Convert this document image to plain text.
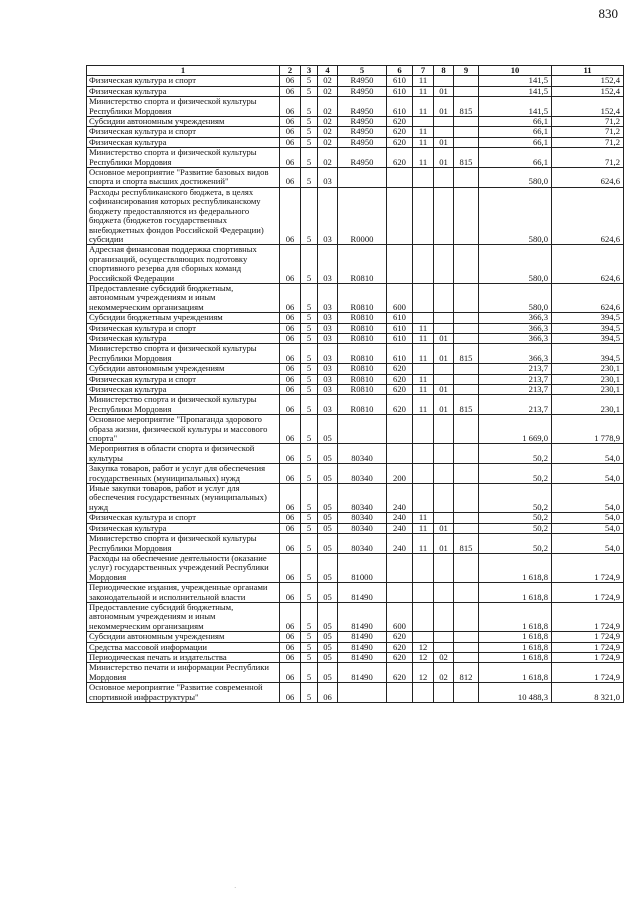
830
1	2	3	4	5	6	7	8	9	10	11
Физическая культура и спорт	06	5	02	R4950	610	11			141,5	152,4
Физическая культура	06	5	02	R4950	610	11	01		141,5	152,4
Министерство спорта и физической культуры Республики Мордовия	06	5	02	R4950	610	11	01	815	141,5	152,4
Субсидии автономным учреждениям	06	5	02	R4950	620				66,1	71,2
Физическая культура и спорт	06	5	02	R4950	620	11			66,1	71,2
Физическая культура	06	5	02	R4950	620	11	01		66,1	71,2
Министерство спорта и физической культуры Республики Мордовия	06	5	02	R4950	620	11	01	815	66,1	71,2
Основное мероприятие "Развитие базовых видов спорта и спорта высших достижений"	06	5	03						580,0	624,6
Расходы республиканского бюджета, в целях софинансирования которых республиканскому бюджету предоставляются из федерального бюджета (бюджетов государственных внебюджетных фондов Российской Федерации) субсидии	06	5	03	R0000					580,0	624,6
Адресная финансовая поддержка спортивных организаций, осуществляющих подготовку спортивного резерва для сборных команд Российской Федерации	06	5	03	R0810					580,0	624,6
Предоставление субсидий бюджетным, автономным учреждениям и иным некоммерческим организациям	06	5	03	R0810	600				580,0	624,6
Субсидии бюджетным учреждениям	06	5	03	R0810	610				366,3	394,5
Физическая культура и спорт	06	5	03	R0810	610	11			366,3	394,5
Физическая культура	06	5	03	R0810	610	11	01		366,3	394,5
Министерство спорта и физической культуры Республики Мордовия	06	5	03	R0810	610	11	01	815	366,3	394,5
Субсидии автономным учреждениям	06	5	03	R0810	620				213,7	230,1
Физическая культура и спорт	06	5	03	R0810	620	11			213,7	230,1
Физическая культура	06	5	03	R0810	620	11	01		213,7	230,1
Министерство спорта и физической культуры Республики Мордовия	06	5	03	R0810	620	11	01	815	213,7	230,1
Основное мероприятие "Пропаганда здорового образа жизни, физической культуры и массового спорта"	06	5	05						1 669,0	1 778,9
Мероприятия в области спорта и физической культуры	06	5	05	80340					50,2	54,0
Закупка товаров, работ и услуг для обеспечения государственных (муниципальных) нужд	06	5	05	80340	200				50,2	54,0
Иные закупки товаров, работ и услуг для обеспечения государственных (муниципальных) нужд	06	5	05	80340	240				50,2	54,0
Физическая культура и спорт	06	5	05	80340	240	11			50,2	54,0
Физическая культура	06	5	05	80340	240	11	01		50,2	54,0
Министерство спорта и физической культуры Республики Мордовия	06	5	05	80340	240	11	01	815	50,2	54,0
Расходы на обеспечение деятельности (оказание услуг) государственных учреждений Республики Мордовия	06	5	05	81000					1 618,8	1 724,9
Периодические издания, учрежденные органами законодательной и исполнительной власти	06	5	05	81490					1 618,8	1 724,9
Предоставление субсидий бюджетным, автономным учреждениям и иным некоммерческим организациям	06	5	05	81490	600				1 618,8	1 724,9
Субсидии автономным учреждениям	06	5	05	81490	620				1 618,8	1 724,9
Средства массовой информации	06	5	05	81490	620	12			1 618,8	1 724,9
Периодическая печать и издательства	06	5	05	81490	620	12	02		1 618,8	1 724,9
Министерство печати и информации Республики Мордовия	06	5	05	81490	620	12	02	812	1 618,8	1 724,9
Основное мероприятие "Развитие современной спортивной инфраструктуры"	06	5	06						10 488,3	8 321,0
·
